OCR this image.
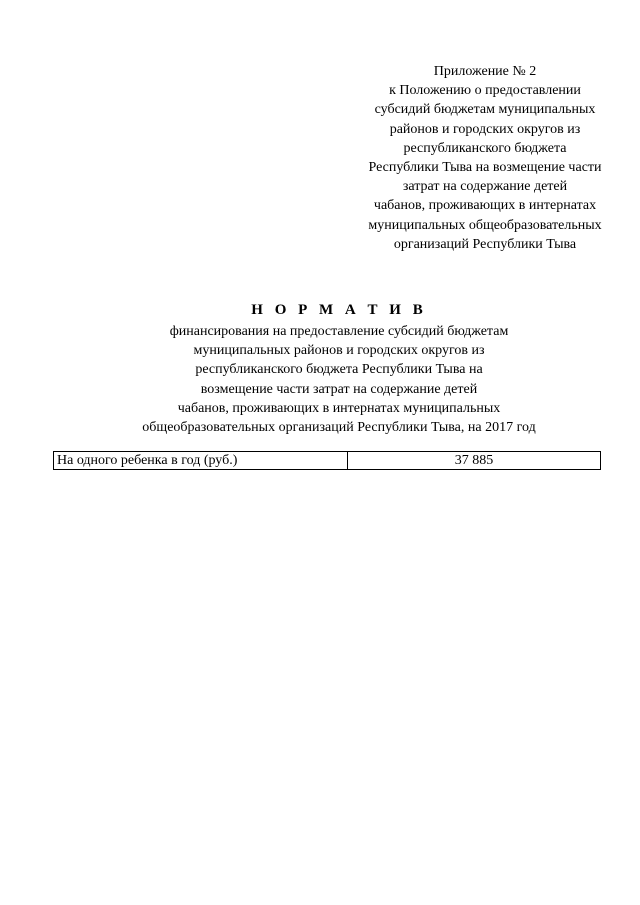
Приложение № 2
к Положению о предоставлении
субсидий бюджетам муниципальных
районов и городских округов из
республиканского бюджета
Республики Тыва на возмещение части
затрат на содержание детей
чабанов, проживающих в интернатах
муниципальных общеобразовательных
организаций Республики Тыва
Н О Р М А Т И В
финансирования на предоставление субсидий бюджетам
муниципальных районов и городских округов из
республиканского бюджета Республики Тыва на
возмещение части затрат на содержание детей
чабанов, проживающих в интернатах муниципальных
общеобразовательных организаций Республики Тыва, на 2017 год
На одного ребенка в год (руб.)	37 885
